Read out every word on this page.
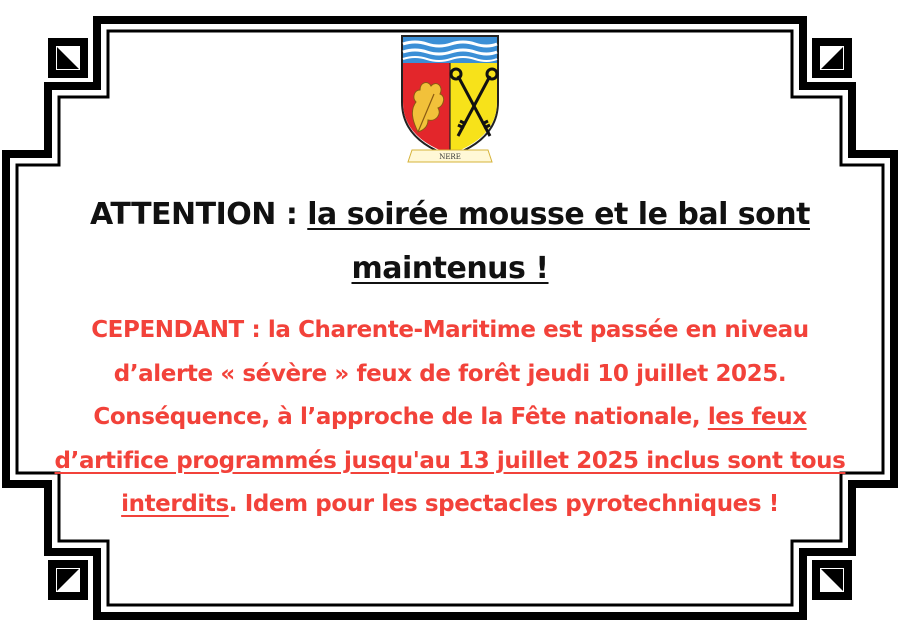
NERE
ATTENTION : la soirée mousse et le bal sont maintenus !

CEPENDANT : la Charente-Maritime est passée en niveau d’alerte « sévère » feux de forêt jeudi 10 juillet 2025. Conséquence, à l’approche de la Fête nationale, les feux d’artifice programmés jusqu'au 13 juillet 2025 inclus sont tous interdits. Idem pour les spectacles pyrotechniques !
